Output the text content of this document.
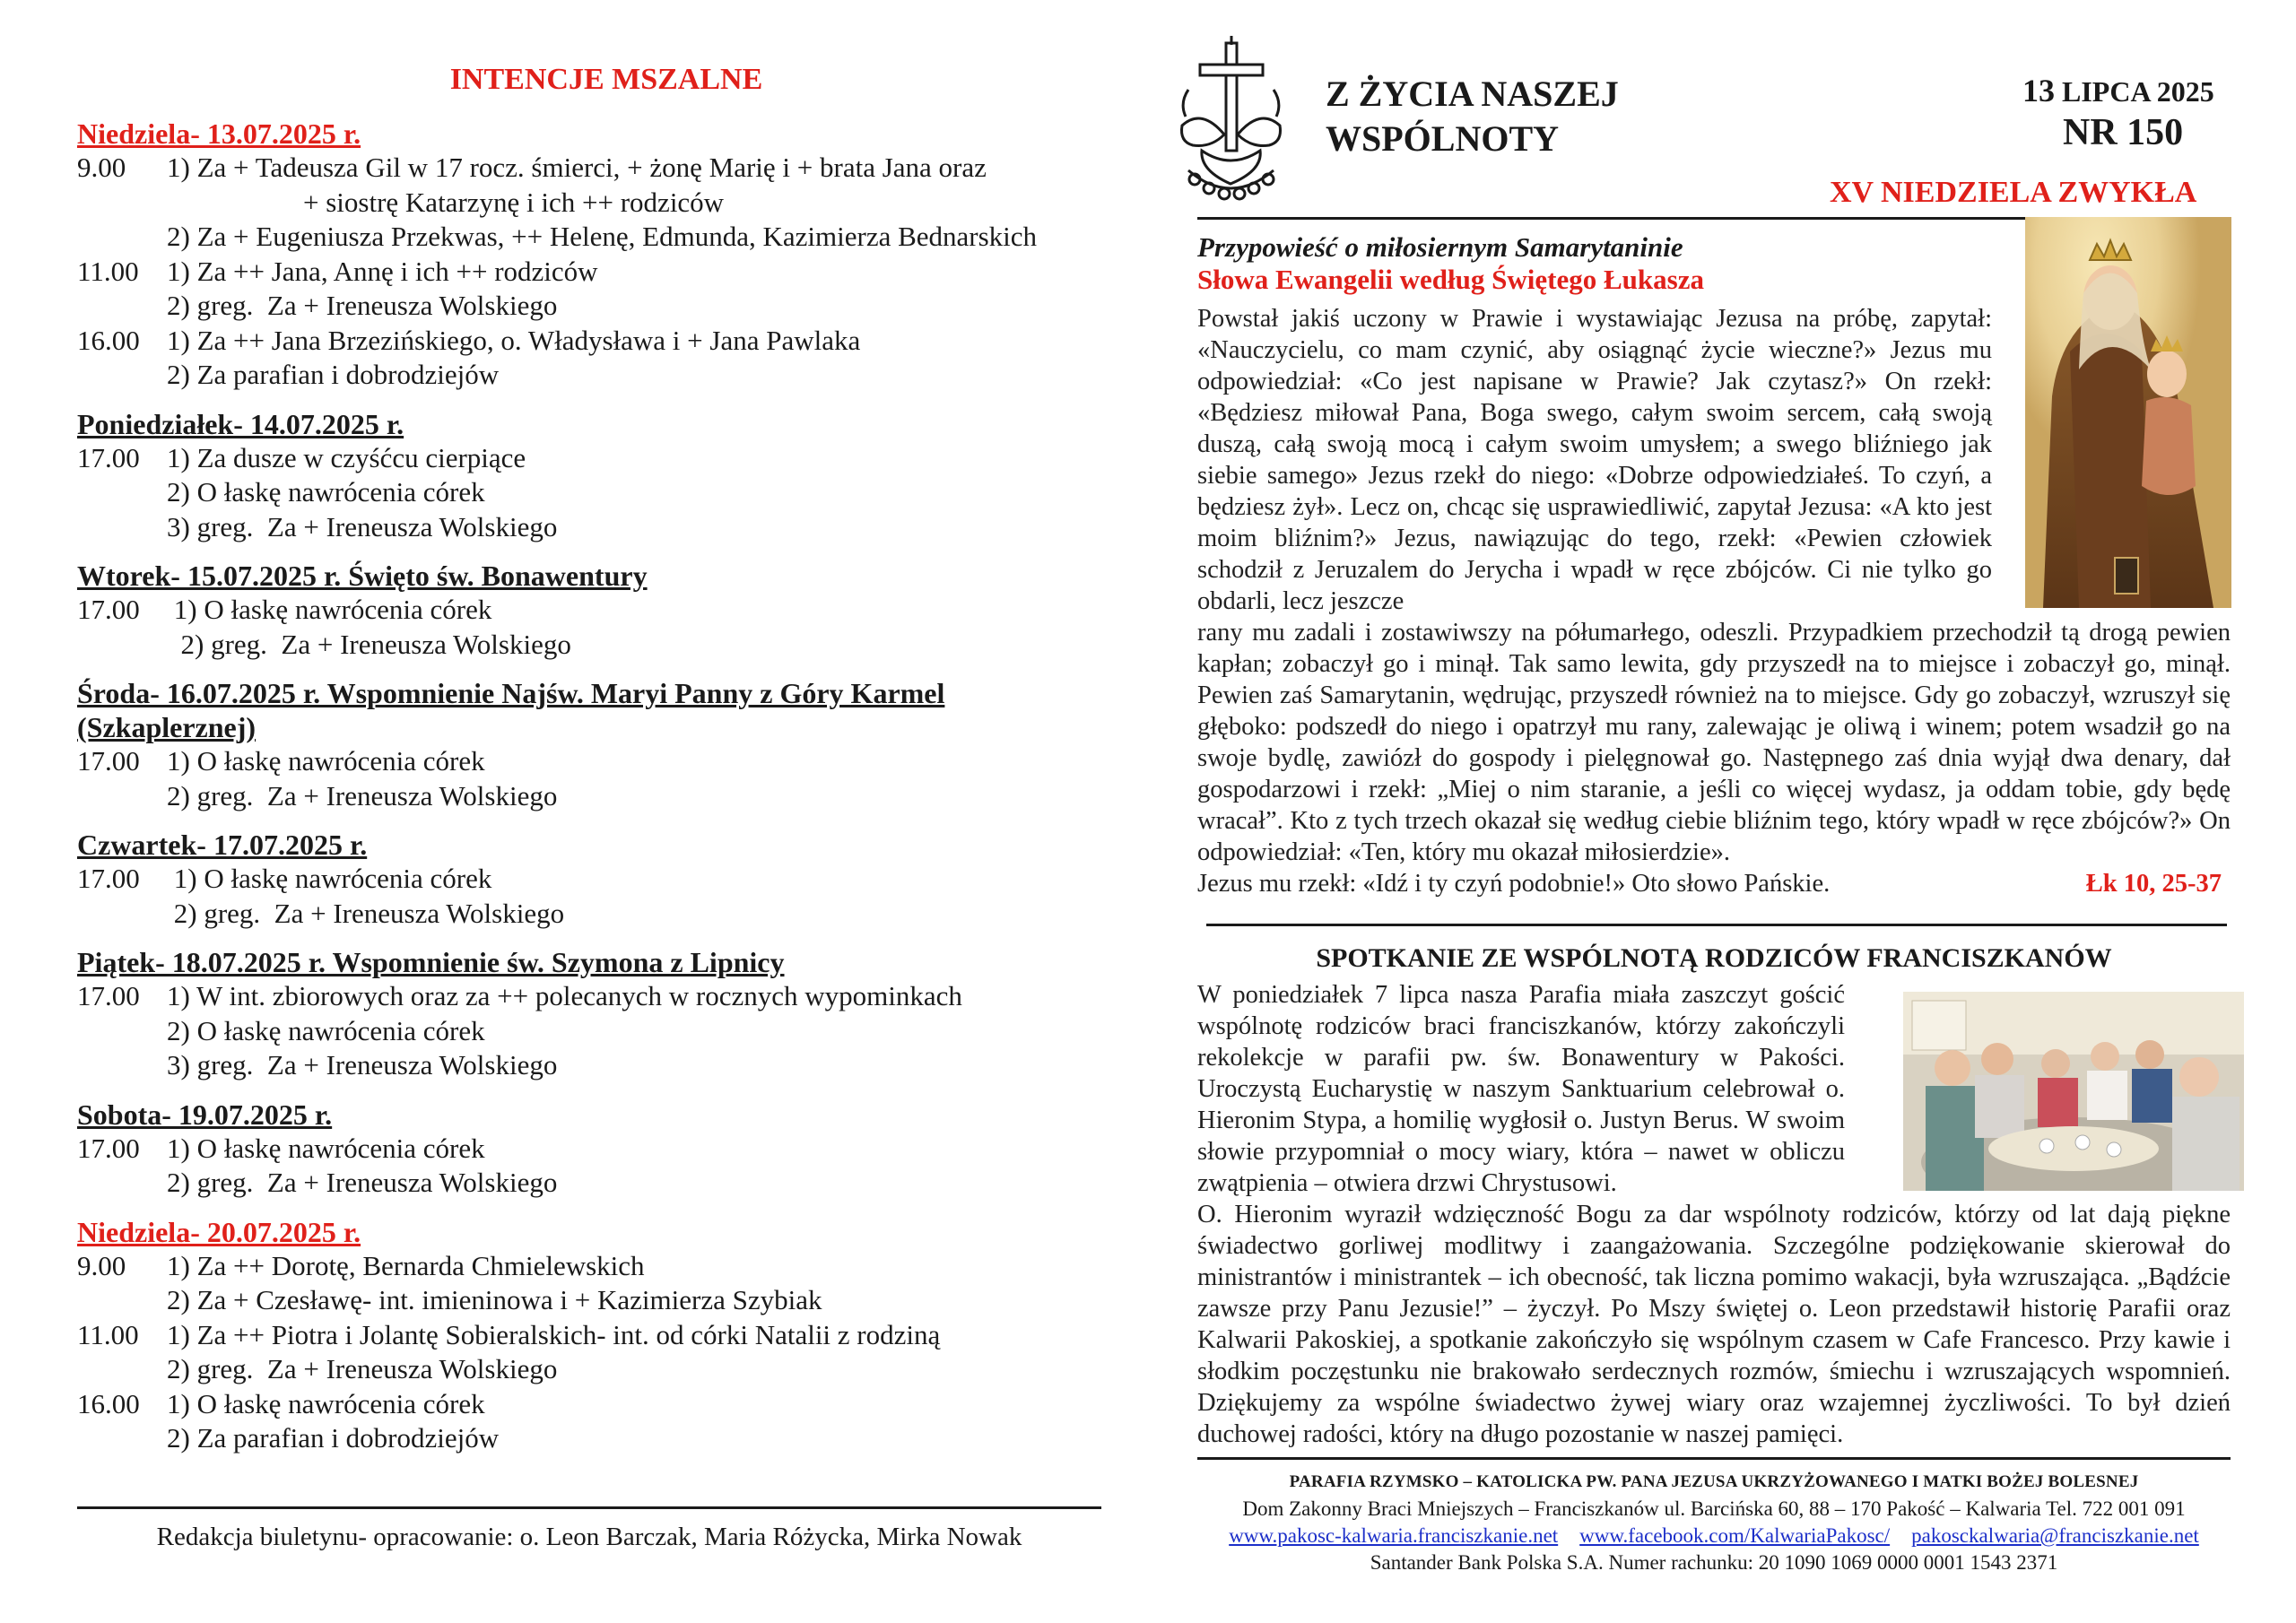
INTENCJE MSZALNE
Niedziela- 13.07.2025 r.
9.00 1) Za + Tadeusza Gil w 17 rocz. śmierci, + żonę Marię i + brata Jana oraz
+ siostrę Katarzynę i ich ++ rodziców
2) Za + Eugeniusza Przekwas, ++ Helenę, Edmunda, Kazimierza Bednarskich
11.00 1) Za ++ Jana, Annę i ich ++ rodziców
2) greg.  Za + Ireneusza Wolskiego
16.00 1) Za ++ Jana Brzezińskiego, o. Władysława i + Jana Pawlaka
2) Za parafian i dobrodziejów
Poniedziałek- 14.07.2025 r.
17.00 1) Za dusze w czyśćcu cierpiące
2) O łaskę nawrócenia córek
3) greg.  Za + Ireneusza Wolskiego
Wtorek- 15.07.2025 r. Święto św. Bonawentury
17.00 1) O łaskę nawrócenia córek
2) greg.  Za + Ireneusza Wolskiego
Środa- 16.07.2025 r. Wspomnienie Najśw. Maryi Panny z Góry Karmel (Szkaplerznej)
17.00 1) O łaskę nawrócenia córek
2) greg.  Za + Ireneusza Wolskiego
Czwartek- 17.07.2025 r.
17.00 1) O łaskę nawrócenia córek
2) greg.  Za + Ireneusza Wolskiego
Piątek- 18.07.2025 r. Wspomnienie św. Szymona z Lipnicy
17.00 1) W int. zbiorowych oraz za ++ polecanych w rocznych wypominkach
2) O łaskę nawrócenia córek
3) greg.  Za + Ireneusza Wolskiego
Sobota- 19.07.2025 r.
17.00 1) O łaskę nawrócenia córek
2) greg.  Za + Ireneusza Wolskiego
Niedziela- 20.07.2025 r.
9.00 1) Za ++ Dorotę, Bernarda Chmielewskich
2) Za + Czesławę- int. imieninowa i + Kazimierza Szybiak
11.00 1) Za ++ Piotra i Jolantę Sobieralskich- int. od córki Natalii z rodziną
2) greg.  Za + Ireneusza Wolskiego
16.00 1) O łaskę nawrócenia córek
2) Za parafian i dobrodziejów
Redakcja biuletynu- opracowanie: o. Leon Barczak, Maria Różycka, Mirka Nowak
Z ŻYCIA NASZEJ
WSPÓLNOTY
13 LIPCA 2025
NR 150
XV NIEDZIELA ZWYKŁA
Przypowieść o miłosiernym Samarytaninie
Słowa Ewangelii według Świętego Łukasza
Powstał jakiś uczony w Prawie i wystawiając Jezusa na próbę, zapytał: «Nauczycielu, co mam czynić, aby osiągnąć życie wieczne?» Jezus mu odpowiedział: «Co jest napisane w Prawie? Jak czytasz?» On rzekł: «Będziesz miłował Pana, Boga swego, całym swoim sercem, całą swoją duszą, całą swoją mocą i całym swoim umysłem; a swego bliźniego jak siebie samego» Jezus rzekł do niego: «Dobrze odpowiedziałeś. To czyń, a będziesz żył». Lecz on, chcąc się usprawiedliwić, zapytał Jezusa: «A kto jest moim bliźnim?» Jezus, nawiązując do tego, rzekł: «Pewien człowiek schodził z Jeruzalem do Jerycha i wpadł w ręce zbójców. Ci nie tylko go obdarli, lecz jeszcze
rany mu zadali i zostawiwszy na półumarłego, odeszli. Przypadkiem przechodził tą drogą pewien kapłan; zobaczył go i minął. Tak samo lewita, gdy przyszedł na to miejsce i zobaczył go, minął. Pewien zaś Samarytanin, wędrując, przyszedł również na to miejsce. Gdy go zobaczył, wzruszył się głęboko: podszedł do niego i opatrzył mu rany, zalewając je oliwą i winem; potem wsadził go na swoje bydlę, zawiózł do gospody i pielęgnował go. Następnego zaś dnia wyjął dwa denary, dał gospodarzowi i rzekł: „Miej o nim staranie, a jeśli co więcej wydasz, ja oddam tobie, gdy będę wracał”. Kto z tych trzech okazał się według ciebie bliźnim tego, który wpadł w ręce zbójców?» On odpowiedział: «Ten, który mu okazał miłosierdzie».
Jezus mu rzekł: «Idź i ty czyń podobnie!» Oto słowo Pańskie.	Łk 10, 25-37
SPOTKANIE ZE WSPÓLNOTĄ RODZICÓW FRANCISZKANÓW
W poniedziałek 7 lipca nasza Parafia miała zaszczyt gościć wspólnotę rodziców braci franciszkanów, którzy zakończyli rekolekcje w parafii pw. św. Bonawentury w Pakości. Uroczystą Eucharystię w naszym Sanktuarium celebrował o. Hieronim Stypa, a homilię wygłosił o. Justyn Berus. W swoim słowie przypomniał o mocy wiary, która – nawet w obliczu zwątpienia – otwiera drzwi Chrystusowi.
O. Hieronim wyraził wdzięczność Bogu za dar wspólnoty rodziców, którzy od lat dają piękne świadectwo gorliwej modlitwy i zaangażowania. Szczególne podziękowanie skierował do ministrantów i ministrantek – ich obecność, tak liczna pomimo wakacji, była wzruszająca. „Bądźcie zawsze przy Panu Jezusie!” – życzył. Po Mszy świętej o. Leon przedstawił historię Parafii oraz Kalwarii Pakoskiej, a spotkanie zakończyło się wspólnym czasem w Cafe Francesco. Przy kawie i słodkim poczęstunku nie brakowało serdecznych rozmów, śmiechu i wzruszających wspomnień. Dziękujemy za wspólne świadectwo żywej wiary oraz wzajemnej życzliwości. To był dzień duchowej radości, który na długo pozostanie w naszej pamięci.
PARAFIA RZYMSKO – KATOLICKA PW. PANA JEZUSA UKRZYŻOWANEGO I MATKI BOŻEJ BOLESNEJ
Dom Zakonny Braci Mniejszych – Franciszkanów ul. Barcińska 60, 88 – 170 Pakość – Kalwaria Tel. 722 001 091
www.pakosc-kalwaria.franciszkanie.net www.facebook.com/KalwariaPakosc/ pakosckalwaria@franciszkanie.net
Santander Bank Polska S.A. Numer rachunku: 20 1090 1069 0000 0001 1543 2371
